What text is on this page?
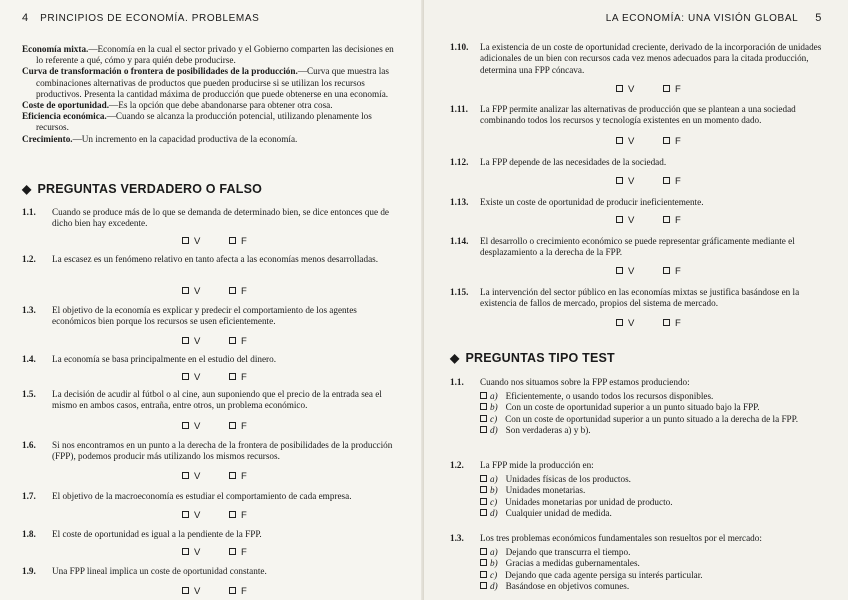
4 PRINCIPIOS DE ECONOMÍA. PROBLEMAS
Economía mixta.—Economía en la cual el sector privado y el Gobierno comparten las decisiones en lo referente a qué, cómo y para quién debe producirse.
Curva de transformación o frontera de posibilidades de la producción.—Curva que muestra las combinaciones alternativas de productos que pueden producirse si se utilizan los recursos productivos. Presenta la cantidad máxima de producción que puede obtenerse en una economía.
Coste de oportunidad.—Es la opción que debe abandonarse para obtener otra cosa.
Eficiencia económica.—Cuando se alcanza la producción potencial, utilizando plenamente los recursos.
Crecimiento.—Un incremento en la capacidad productiva de la economía.
◆ PREGUNTAS VERDADERO O FALSO
1.1.	Cuando se produce más de lo que se demanda de determinado bien, se dice entonces que de dicho bien hay excedente.
V	F
1.2.	La escasez es un fenómeno relativo en tanto afecta a las economías menos desarrolladas.
V	F
1.3.	El objetivo de la economía es explicar y predecir el comportamiento de los agentes económicos bien porque los recursos se usen eficientemente.
V	F
1.4.	La economía se basa principalmente en el estudio del dinero.
V	F
1.5.	La decisión de acudir al fútbol o al cine, aun suponiendo que el precio de la entrada sea el mismo en ambos casos, entraña, entre otros, un problema económico.
V	F
1.6.	Si nos encontramos en un punto a la derecha de la frontera de posibilidades de la producción (FPP), podemos producir más utilizando los mismos recursos.
V	F
1.7.	El objetivo de la macroeconomía es estudiar el comportamiento de cada empresa.
V	F
1.8.	El coste de oportunidad es igual a la pendiente de la FPP.
V	F
1.9.	Una FPP lineal implica un coste de oportunidad constante.
V	F
LA ECONOMÍA: UNA VISIÓN GLOBAL 5
1.10.	La existencia de un coste de oportunidad creciente, derivado de la incorporación de unidades adicionales de un bien con recursos cada vez menos adecuados para la citada producción, determina una FPP cóncava.
V	F
1.11.	La FPP permite analizar las alternativas de producción que se plantean a una sociedad combinando todos los recursos y tecnología existentes en un momento dado.
V	F
1.12.	La FPP depende de las necesidades de la sociedad.
V	F
1.13.	Existe un coste de oportunidad de producir ineficientemente.
V	F
1.14.	El desarrollo o crecimiento económico se puede representar gráficamente mediante el desplazamiento a la derecha de la FPP.
V	F
1.15.	La intervención del sector público en las economías mixtas se justifica basándose en la existencia de fallos de mercado, propios del sistema de mercado.
V	F
◆ PREGUNTAS TIPO TEST
1.1. Cuando nos situamos sobre la FPP estamos produciendo:
a) Eficientemente, o usando todos los recursos disponibles.
b) Con un coste de oportunidad superior a un punto situado bajo la FPP.
c) Con un coste de oportunidad superior a un punto situado a la derecha de la FPP.
d) Son verdaderas a) y b).
1.2. La FPP mide la producción en:
a) Unidades físicas de los productos.
b) Unidades monetarias.
c) Unidades monetarias por unidad de producto.
d) Cualquier unidad de medida.
1.3. Los tres problemas económicos fundamentales son resueltos por el mercado:
a) Dejando que transcurra el tiempo.
b) Gracias a medidas gubernamentales.
c) Dejando que cada agente persiga su interés particular.
d) Basándose en objetivos comunes.
